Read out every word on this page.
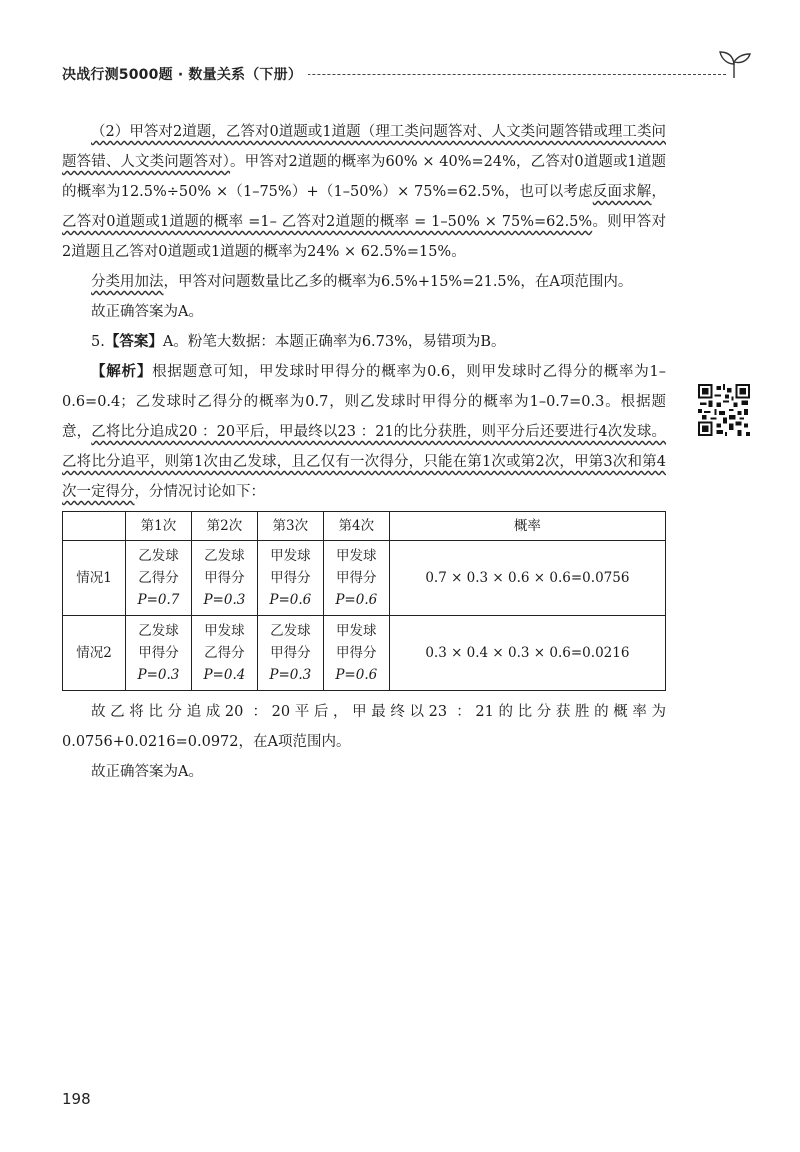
决战行测5000题 · 数量关系（下册）

（2）甲答对2道题，乙答对0道题或1道题（理工类问题答对、人文类问题答错或理工类问题答错、人文类问题答对）。甲答对2道题的概率为60% × 40%=24%，乙答对0道题或1道题的概率为12.5%÷50% ×（1–75%）+（1–50%）× 75%=62.5%，也可以考虑反面求解，乙答对0道题或1道题的概率 =1– 乙答对2道题的概率 = 1–50% × 75%=62.5%。则甲答对2道题且乙答对0道题或1道题的概率为24% × 62.5%=15%。

分类用加法，甲答对问题数量比乙多的概率为6.5%+15%=21.5%，在A项范围内。

故正确答案为A。

5.【答案】A。粉笔大数据：本题正确率为6.73%，易错项为B。

【解析】根据题意可知，甲发球时甲得分的概率为0.6，则甲发球时乙得分的概率为1–0.6=0.4；乙发球时乙得分的概率为0.7，则乙发球时甲得分的概率为1–0.7=0.3。根据题意，乙将比分追成20 ：20平后，甲最终以23 ：21的比分获胜，则平分后还要进行4次发球。乙将比分追平，则第1次由乙发球，且乙仅有一次得分，只能在第1次或第2次，甲第3次和第4次一定得分，分情况讨论如下：

	第1次	第2次	第3次	第4次	概率
情况1	乙发球
乙得分
P=0.7	乙发球
甲得分
P=0.3	甲发球
甲得分
P=0.6	甲发球
甲得分
P=0.6	0.7 × 0.3 × 0.6 × 0.6=0.0756
情况2	乙发球
甲得分
P=0.3	甲发球
乙得分
P=0.4	乙发球
甲得分
P=0.3	甲发球
甲得分
P=0.6	0.3 × 0.4 × 0.3 × 0.6=0.0216

故乙将比分追成20 ：20平后，甲最终以23 ：21的比分获胜的概率为0.0756+0.0216=0.0972，在A项范围内。

故正确答案为A。

198
